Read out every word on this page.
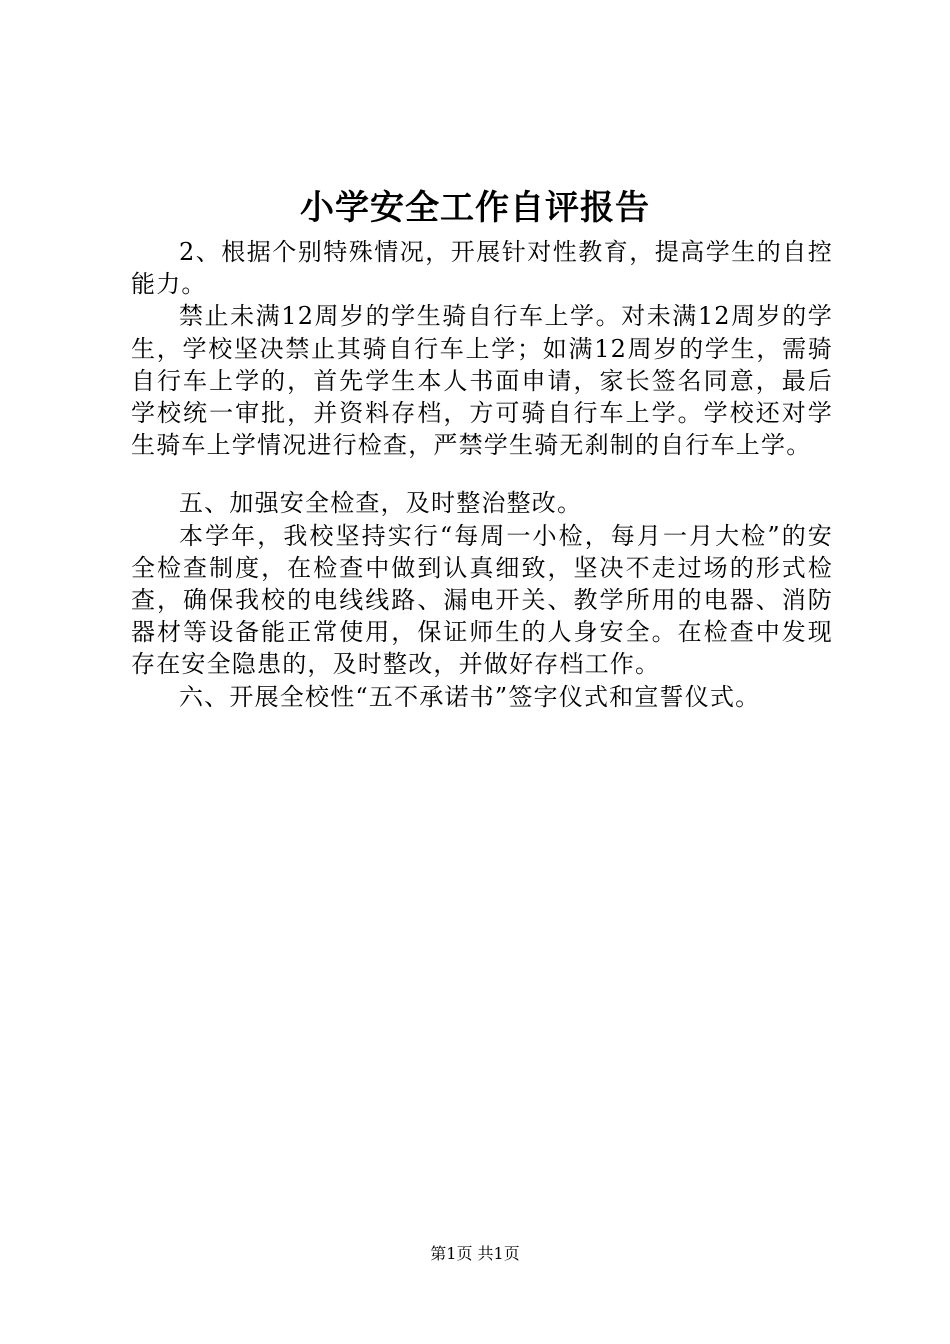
小学安全工作自评报告

2、根据个别特殊情况，开展针对性教育，提高学生的自控能力。

禁止未满12周岁的学生骑自行车上学。对未满12周岁的学生，学校坚决禁止其骑自行车上学；如满12周岁的学生，需骑自行车上学的，首先学生本人书面申请，家长签名同意，最后学校统一审批，并资料存档，方可骑自行车上学。学校还对学生骑车上学情况进行检查，严禁学生骑无刹制的自行车上学。

五、加强安全检查，及时整治整改。

本学年，我校坚持实行“每周一小检，每月一月大检”的安全检查制度，在检查中做到认真细致，坚决不走过场的形式检查，确保我校的电线线路、漏电开关、教学所用的电器、消防器材等设备能正常使用，保证师生的人身安全。在检查中发现存在安全隐患的，及时整改，并做好存档工作。

六、开展全校性“五不承诺书”签字仪式和宣誓仪式。

第1页 共1页
